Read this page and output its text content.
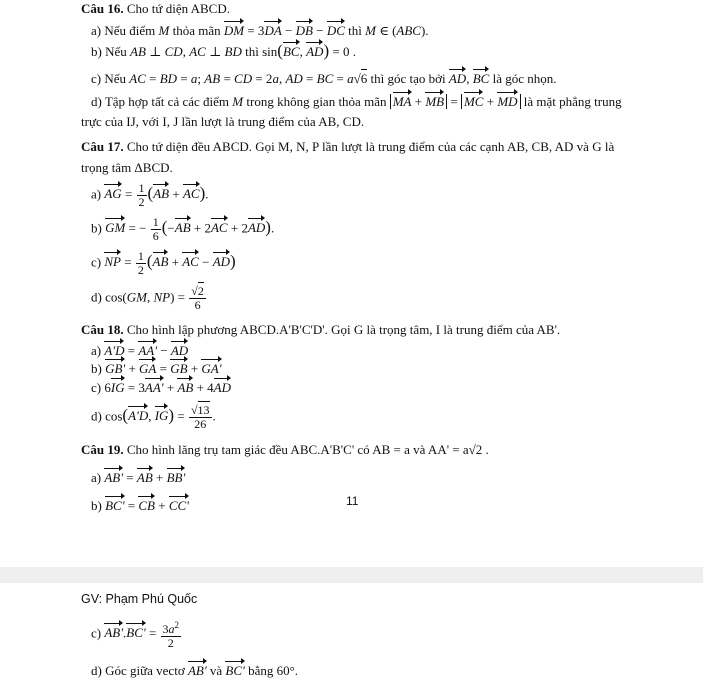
Câu 16. Cho tứ diện ABCD.
a) Nếu điểm M thỏa mãn DM = 3DA − DB − DC thì M ∈ (ABC).
b) Nếu AB ⊥ CD, AC ⊥ BD thì sin(BC, AD) = 0 .
c) Nếu AC = BD = a; AB = CD = 2a, AD = BC = a√6 thì góc tạo bởi AD, BC là góc nhọn.
d) Tập hợp tất cả các điểm M trong không gian thỏa mãn MA + MB = MC + MD là mặt phẳng trung
trực của IJ, với I, J lần lượt là trung điểm của AB, CD.
Câu 17. Cho tứ diện đều ABCD. Gọi M, N, P lần lượt là trung điểm của các cạnh AB, CB, AD và G là
trọng tâm ΔBCD.
a) AG = $\frac{1}{2} (AB + AC)$.
b) GM = − $\frac{1}{6} (-AB + 2AC + 2AD)$.
c) NP = $\frac{1}{2} (AB$ + AC − AD)
d) cos(GM, $NP) = \frac{√2}{6}$
Câu 18. Cho hình lập phương ABCD.A'B'C'D'. Gọi G là trọng tâm, I là trung điểm của AB'.
a) A'D = AA' − AD
b) GB' + GA = GB + GA'
c) 6IG = 3AA' + AB + 4AD
d) cos(A'D, $IG) = \frac{√13}{26}$ .
Câu 19. Cho hình lăng trụ tam giác đều ABC.A'B'C' có AB = a và AA' = a√2 .
a) AB' = AB + BB'
b) BC' = CB + CC'	11
GV: Phạm Phú Quốc
c) $AB'.BC' = \frac{3a^2}{2}$
d) Góc giữa vectơ AB' và BC' bằng 60°.
